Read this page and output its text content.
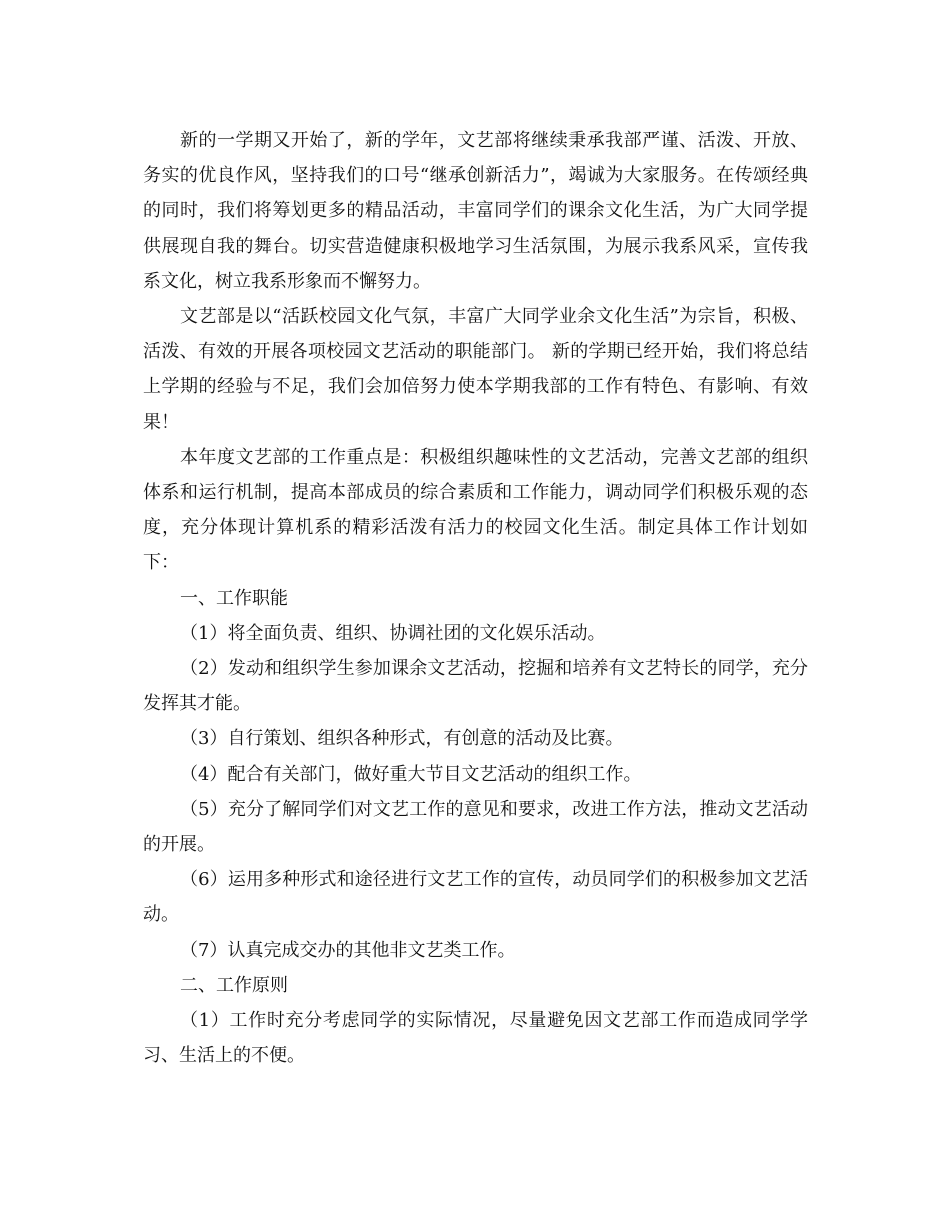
新的一学期又开始了，新的学年，文艺部将继续秉承我部严谨、活泼、开放、务实的优良作风，坚持我们的口号“继承创新活力”，竭诚为大家服务。在传颂经典的同时，我们将筹划更多的精品活动，丰富同学们的课余文化生活，为广大同学提供展现自我的舞台。切实营造健康积极地学习生活氛围，为展示我系风采，宣传我系文化，树立我系形象而不懈努力。

文艺部是以“活跃校园文化气氛，丰富广大同学业余文化生活”为宗旨，积极、活泼、有效的开展各项校园文艺活动的职能部门。 新的学期已经开始，我们将总结上学期的经验与不足，我们会加倍努力使本学期我部的工作有特色、有影响、有效果！

本年度文艺部的工作重点是：积极组织趣味性的文艺活动，完善文艺部的组织体系和运行机制，提高本部成员的综合素质和工作能力，调动同学们积极乐观的态度，充分体现计算机系的精彩活泼有活力的校园文化生活。制定具体工作计划如下：

一、工作职能

（1）将全面负责、组织、协调社团的文化娱乐活动。

（2）发动和组织学生参加课余文艺活动，挖掘和培养有文艺特长的同学，充分发挥其才能。

（3）自行策划、组织各种形式，有创意的活动及比赛。

（4）配合有关部门，做好重大节目文艺活动的组织工作。

（5）充分了解同学们对文艺工作的意见和要求，改进工作方法，推动文艺活动的开展。

（6）运用多种形式和途径进行文艺工作的宣传，动员同学们的积极参加文艺活动。

（7）认真完成交办的其他非文艺类工作。

二、工作原则

（1）工作时充分考虑同学的实际情况，尽量避免因文艺部工作而造成同学学习、生活上的不便。
